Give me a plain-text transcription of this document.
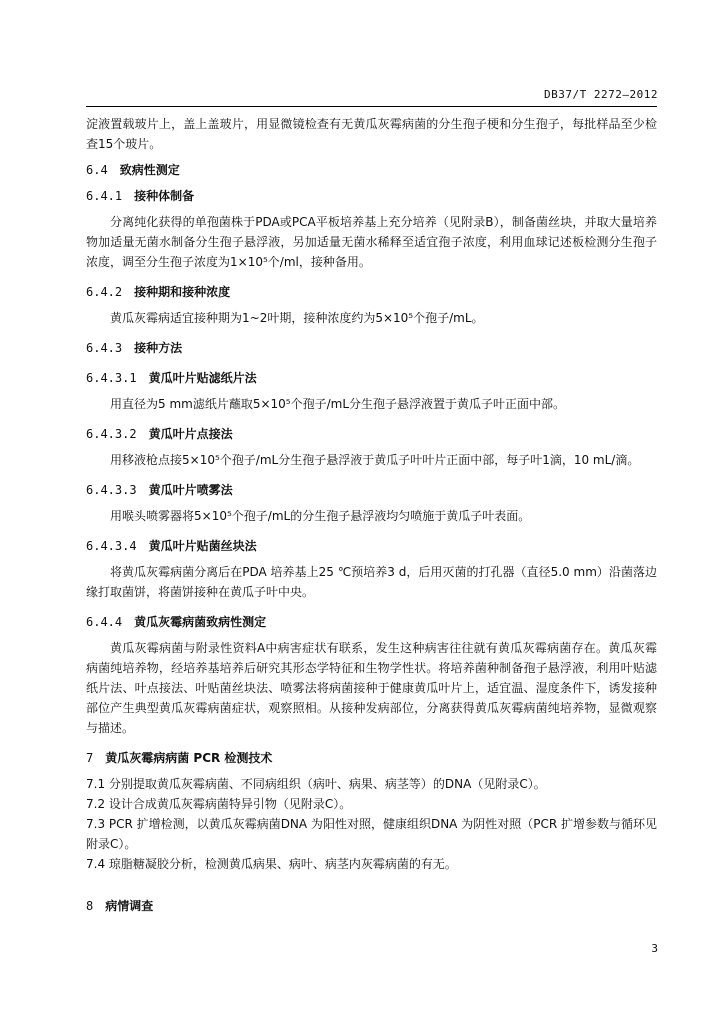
DB37/T 2272—2012

淀液置载玻片上，盖上盖玻片，用显微镜检查有无黄瓜灰霉病菌的分生孢子梗和分生孢子，每批样品至少检查15个玻片。

6.4 致病性测定

6.4.1 接种体制备

分离纯化获得的单孢菌株于PDA或PCA平板培养基上充分培养（见附录B），制备菌丝块，并取大量培养物加适量无菌水制备分生孢子悬浮液，另加适量无菌水稀释至适宜孢子浓度，利用血球记述板检测分生孢子浓度，调至分生孢子浓度为1×10⁵个/ml，接种备用。

6.4.2 接种期和接种浓度

黄瓜灰霉病适宜接种期为1~2叶期，接种浓度约为5×10⁵个孢子/mL。

6.4.3 接种方法

6.4.3.1 黄瓜叶片贴滤纸片法

用直径为5 mm滤纸片蘸取5×10⁵个孢子/mL分生孢子悬浮液置于黄瓜子叶正面中部。

6.4.3.2 黄瓜叶片点接法

用移液枪点接5×10⁵个孢子/mL分生孢子悬浮液于黄瓜子叶叶片正面中部，每子叶1滴，10 mL/滴。

6.4.3.3 黄瓜叶片喷雾法

用喉头喷雾器将5×10⁵个孢子/mL的分生孢子悬浮液均匀喷施于黄瓜子叶表面。

6.4.3.4 黄瓜叶片贴菌丝块法

将黄瓜灰霉病菌分离后在PDA 培养基上25 ℃预培养3 d，后用灭菌的打孔器（直径5.0 mm）沿菌落边缘打取菌饼，将菌饼接种在黄瓜子叶中央。

6.4.4 黄瓜灰霉病菌致病性测定

黄瓜灰霉病菌与附录性资料A中病害症状有联系，发生这种病害往往就有黄瓜灰霉病菌存在。黄瓜灰霉病菌纯培养物，经培养基培养后研究其形态学特征和生物学性状。将培养菌种制备孢子悬浮液，利用叶贴滤纸片法、叶点接法、叶贴菌丝块法、喷雾法将病菌接种于健康黄瓜叶片上，适宜温、湿度条件下，诱发接种部位产生典型黄瓜灰霉病菌症状，观察照相。从接种发病部位，分离获得黄瓜灰霉病菌纯培养物，显微观察与描述。

7 黄瓜灰霉病病菌 PCR 检测技术

7.1 分别提取黄瓜灰霉病菌、不同病组织（病叶、病果、病茎等）的DNA（见附录C）。

7.2 设计合成黄瓜灰霉病菌特异引物（见附录C）。

7.3 PCR 扩增检测，以黄瓜灰霉病菌DNA 为阳性对照，健康组织DNA 为阴性对照（PCR 扩增参数与循环见附录C）。

7.4 琼脂糖凝胶分析，检测黄瓜病果、病叶、病茎内灰霉病菌的有无。

8 病情调查

3
